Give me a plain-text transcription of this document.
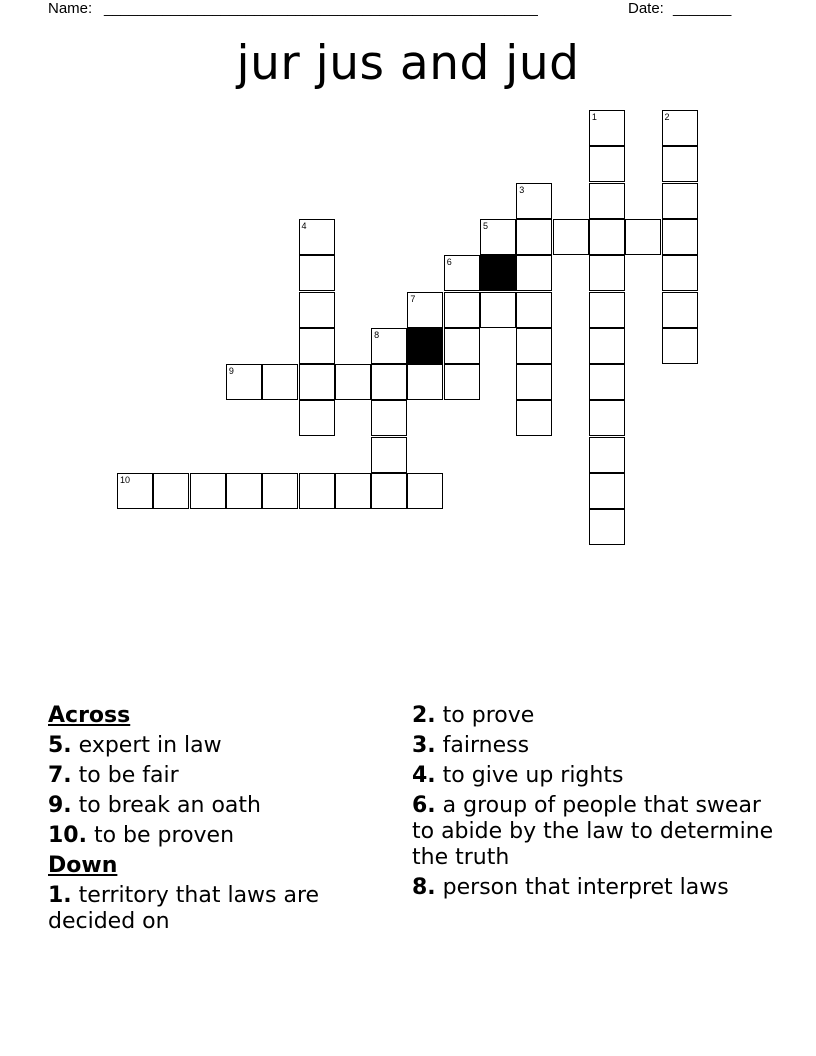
Name: ____________________________________________________	Date: _______
jur jus and jud
1	2
3
4	5
6
7
8
9
10
Across
5. expert in law
7. to be fair
9. to break an oath
10. to be proven
Down
1. territory that laws are decided on
2. to prove
3. fairness
4. to give up rights
6. a group of people that swear to abide by the law to determine the truth
8. person that interpret laws
